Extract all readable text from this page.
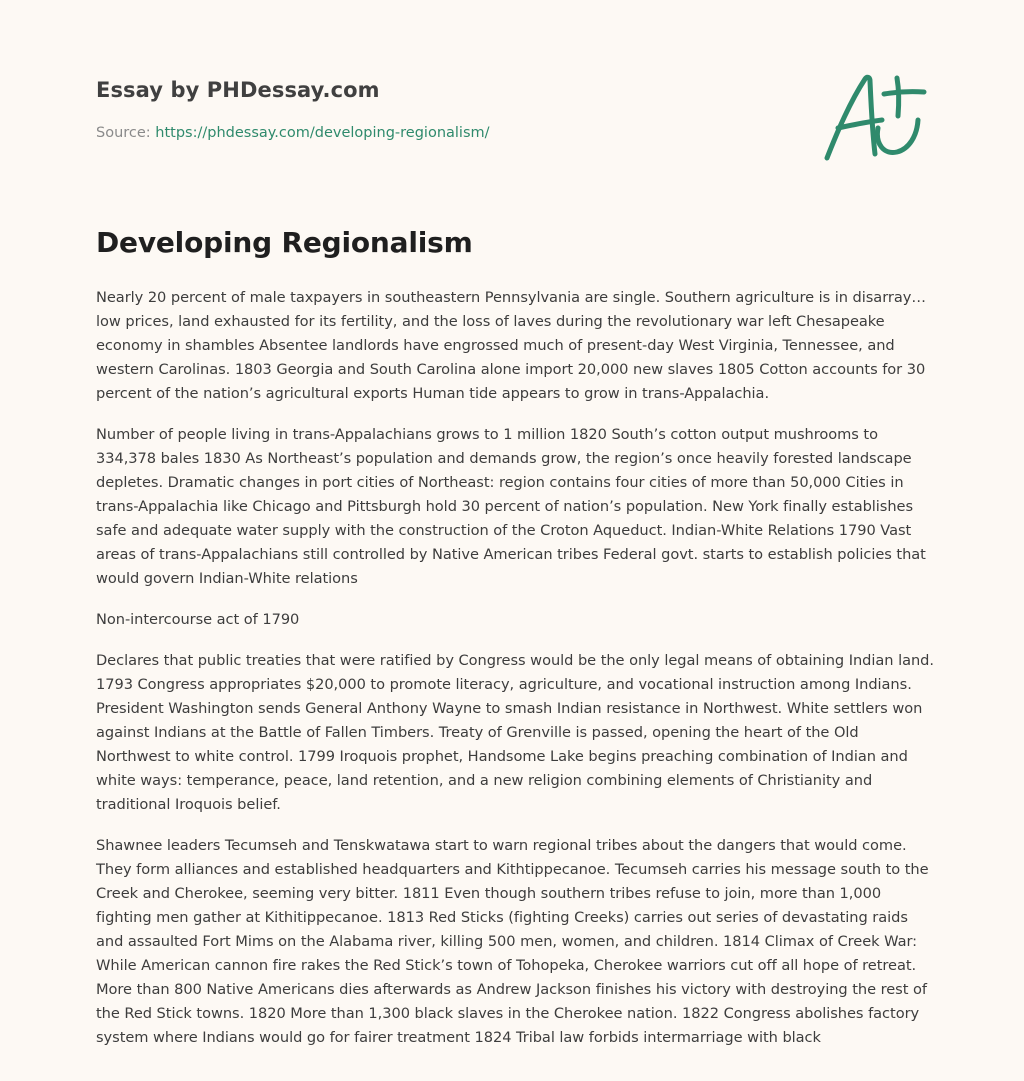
Essay by PHDessay.com

Source: https://phdessay.com/developing-regionalism/

Developing Regionalism

Nearly 20 percent of male taxpayers in southeastern Pennsylvania are single. Southern agriculture is in disarray… low prices, land exhausted for its fertility, and the loss of laves during the revolutionary war left Chesapeake economy in shambles Absentee landlords have engrossed much of present-day West Virginia, Tennessee, and western Carolinas. 1803 Georgia and South Carolina alone import 20,000 new slaves 1805 Cotton accounts for 30 percent of the nation’s agricultural exports Human tide appears to grow in trans-Appalachia.

Number of people living in trans-Appalachians grows to 1 million 1820 South’s cotton output mushrooms to 334,378 bales 1830 As Northeast’s population and demands grow, the region’s once heavily forested landscape depletes. Dramatic changes in port cities of Northeast: region contains four cities of more than 50,000 Cities in trans-Appalachia like Chicago and Pittsburgh hold 30 percent of nation’s population. New York finally establishes safe and adequate water supply with the construction of the Croton Aqueduct. Indian-White Relations 1790 Vast areas of trans-Appalachians still controlled by Native American tribes Federal govt. starts to establish policies that would govern Indian-White relations

Non-intercourse act of 1790

Declares that public treaties that were ratified by Congress would be the only legal means of obtaining Indian land. 1793 Congress appropriates $20,000 to promote literacy, agriculture, and vocational instruction among Indians. President Washington sends General Anthony Wayne to smash Indian resistance in Northwest. White settlers won against Indians at the Battle of Fallen Timbers. Treaty of Grenville is passed, opening the heart of the Old Northwest to white control. 1799 Iroquois prophet, Handsome Lake begins preaching combination of Indian and white ways: temperance, peace, land retention, and a new religion combining elements of Christianity and traditional Iroquois belief.

Shawnee leaders Tecumseh and Tenskwatawa start to warn regional tribes about the dangers that would come. They form alliances and established headquarters and Kithtippecanoe. Tecumseh carries his message south to the Creek and Cherokee, seeming very bitter. 1811 Even though southern tribes refuse to join, more than 1,000 fighting men gather at Kithitippecanoe. 1813 Red Sticks (fighting Creeks) carries out series of devastating raids and assaulted Fort Mims on the Alabama river, killing 500 men, women, and children. 1814 Climax of Creek War: While American cannon fire rakes the Red Stick’s town of Tohopeka, Cherokee warriors cut off all hope of retreat. More than 800 Native Americans dies afterwards as Andrew Jackson finishes his victory with destroying the rest of the Red Stick towns. 1820 More than 1,300 black slaves in the Cherokee nation. 1822 Congress abolishes factory system where Indians would go for fairer treatment 1824 Tribal law forbids intermarriage with black
